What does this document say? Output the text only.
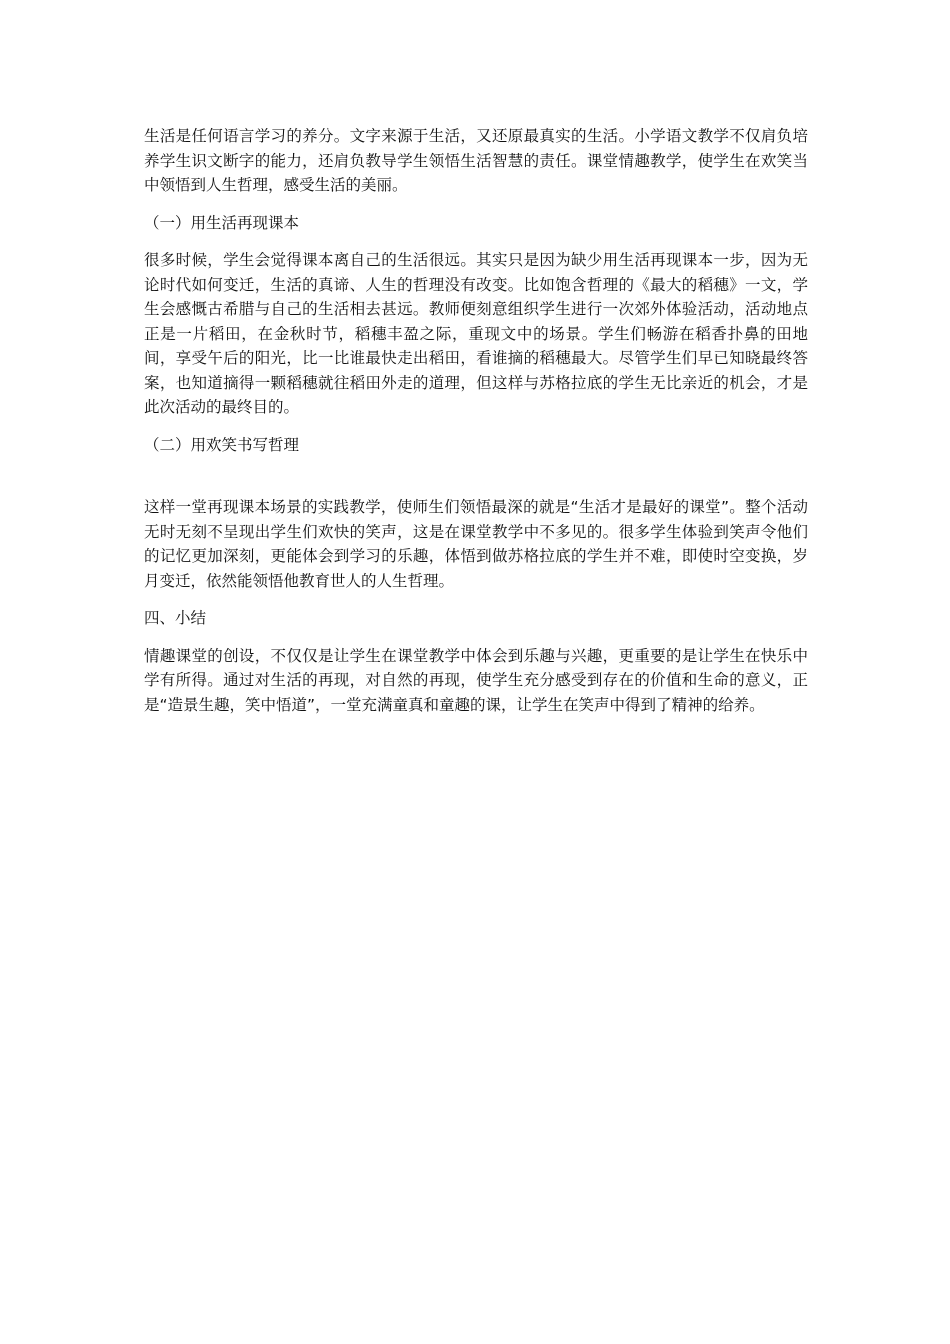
生活是任何语言学习的养分。文字来源于生活，又还原最真实的生活。小学语文教学不仅肩负培养学生识文断字的能力，还肩负教导学生领悟生活智慧的责任。课堂情趣教学，使学生在欢笑当中领悟到人生哲理，感受生活的美丽。

（一）用生活再现课本

很多时候，学生会觉得课本离自己的生活很远。其实只是因为缺少用生活再现课本一步，因为无论时代如何变迁，生活的真谛、人生的哲理没有改变。比如饱含哲理的《最大的稻穗》一文，学生会感慨古希腊与自己的生活相去甚远。教师便刻意组织学生进行一次郊外体验活动，活动地点正是一片稻田，在金秋时节，稻穗丰盈之际，重现文中的场景。学生们畅游在稻香扑鼻的田地间，享受午后的阳光，比一比谁最快走出稻田，看谁摘的稻穗最大。尽管学生们早已知晓最终答案，也知道摘得一颗稻穗就往稻田外走的道理，但这样与苏格拉底的学生无比亲近的机会，才是此次活动的最终目的。

（二）用欢笑书写哲理

这样一堂再现课本场景的实践教学，使师生们领悟最深的就是“生活才是最好的课堂”。整个活动无时无刻不呈现出学生们欢快的笑声，这是在课堂教学中不多见的。很多学生体验到笑声令他们的记忆更加深刻，更能体会到学习的乐趣，体悟到做苏格拉底的学生并不难，即使时空变换，岁月变迁，依然能领悟他教育世人的人生哲理。

四、小结

情趣课堂的创设，不仅仅是让学生在课堂教学中体会到乐趣与兴趣，更重要的是让学生在快乐中学有所得。通过对生活的再现，对自然的再现，使学生充分感受到存在的价值和生命的意义，正是“造景生趣，笑中悟道”，一堂充满童真和童趣的课，让学生在笑声中得到了精神的给养。
